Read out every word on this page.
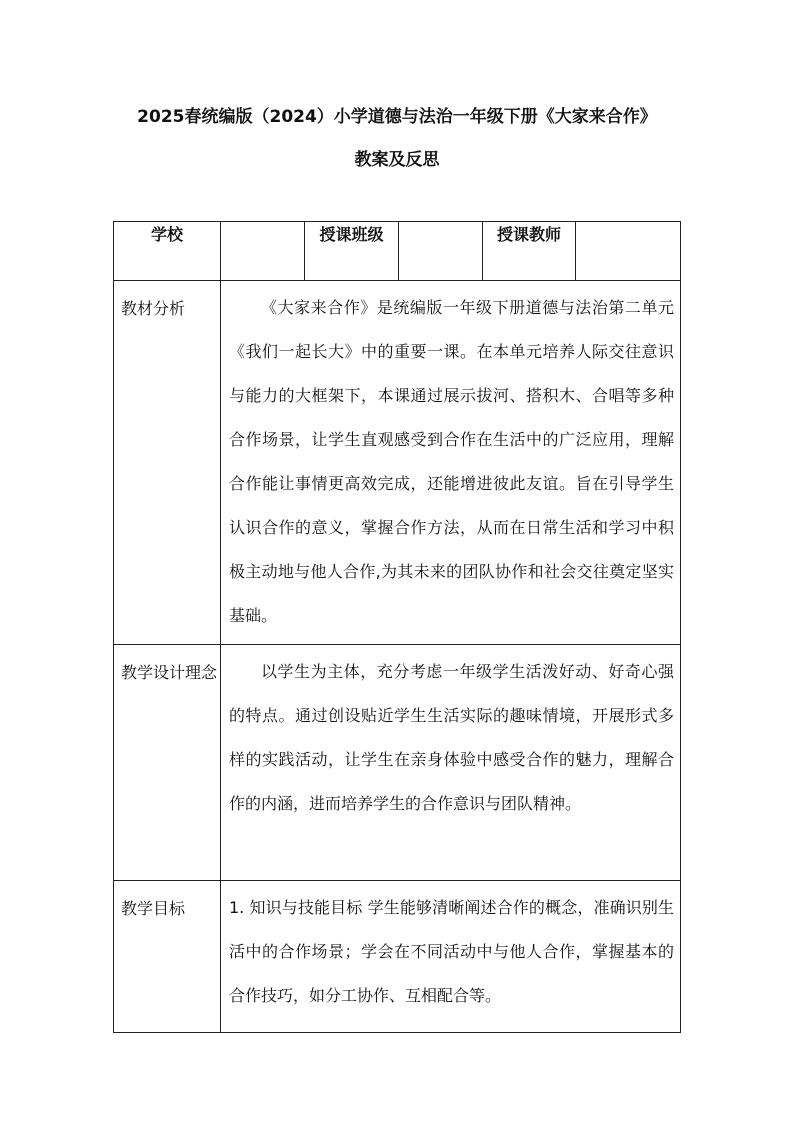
2025春统编版（2024）小学道德与法治一年级下册《大家来合作》
教案及反思
学校		授课班级		授课教师	
教材分析	《大家来合作》是统编版一年级下册道德与法治第二单元《我们一起长大》中的重要一课。在本单元培养人际交往意识与能力的大框架下，本课通过展示拔河、搭积木、合唱等多种合作场景，让学生直观感受到合作在生活中的广泛应用，理解合作能让事情更高效完成，还能增进彼此友谊。旨在引导学生认识合作的意义，掌握合作方法，从而在日常生活和学习中积极主动地与他人合作,为其未来的团队协作和社会交往奠定坚实基础。				
教学设计理念	以学生为主体，充分考虑一年级学生活泼好动、好奇心强的特点。通过创设贴近学生生活实际的趣味情境，开展形式多样的实践活动，让学生在亲身体验中感受合作的魅力，理解合作的内涵，进而培养学生的合作意识与团队精神。				
教学目标	1. 知识与技能目标 学生能够清晰阐述合作的概念，准确识别生活中的合作场景；学会在不同活动中与他人合作，掌握基本的合作技巧，如分工协作、互相配合等。				
